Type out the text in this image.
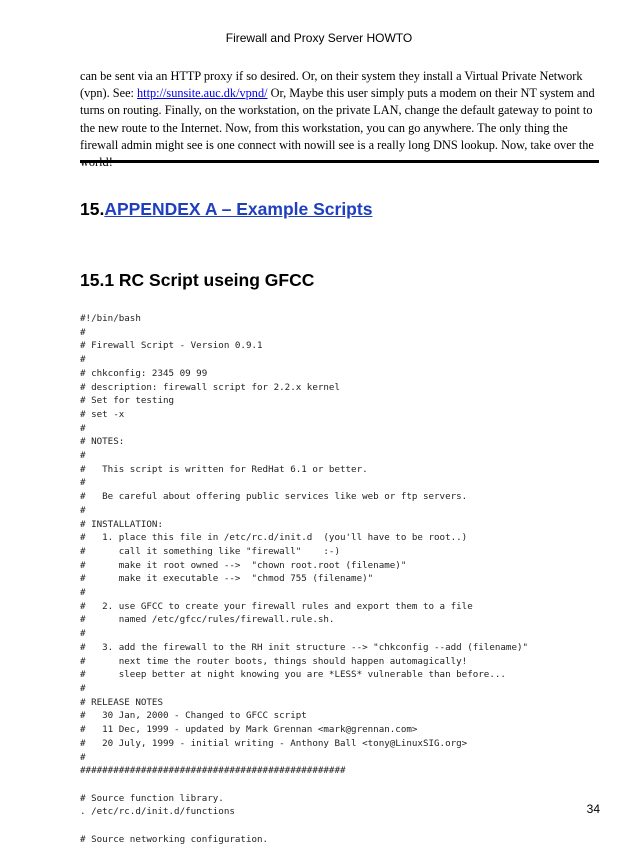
Firewall and Proxy Server HOWTO

can be sent via an HTTP proxy if so desired. Or, on their system they install a Virtual Private Network (vpn). See: http://sunsite.auc.dk/vpnd/ Or, Maybe this user simply puts a modem on their NT system and turns on routing. Finally, on the workstation, on the private LAN, change the default gateway to point to the new route to the Internet. Now, from this workstation, you can go anywhere. The only thing the firewall admin might see is one connect with nowill see is a really long DNS lookup. Now, take over the

15.APPENDEX A – Example Scripts
15.1 RC Script useing GFCC
#!/bin/bash
#
# Firewall Script - Version 0.9.1
#
# chkconfig: 2345 09 99
# description: firewall script for 2.2.x kernel
# Set for testing
# set -x
#
# NOTES:
#
#   This script is written for RedHat 6.1 or better.
#
#   Be careful about offering public services like web or ftp servers.
#
# INSTALLATION:
#   1. place this file in /etc/rc.d/init.d  (you'll have to be root..)
#      call it something like "firewall"    :-)
#      make it root owned -->  "chown root.root (filename)"
#      make it executable -->  "chmod 755 (filename)"
#
#   2. use GFCC to create your firewall rules and export them to a file
#      named /etc/gfcc/rules/firewall.rule.sh.
#
#   3. add the firewall to the RH init structure --> "chkconfig --add (filename)"
#      next time the router boots, things should happen automagically!
#      sleep better at night knowing you are *LESS* vulnerable than before...
#
# RELEASE NOTES
#   30 Jan, 2000 - Changed to GFCC script
#   11 Dec, 1999 - updated by Mark Grennan <mark@grennan.com>
#   20 July, 1999 - initial writing - Anthony Ball <tony@LinuxSIG.org>
#
################################################

# Source function library.
. /etc/rc.d/init.d/functions

# Source networking configuration.
34
